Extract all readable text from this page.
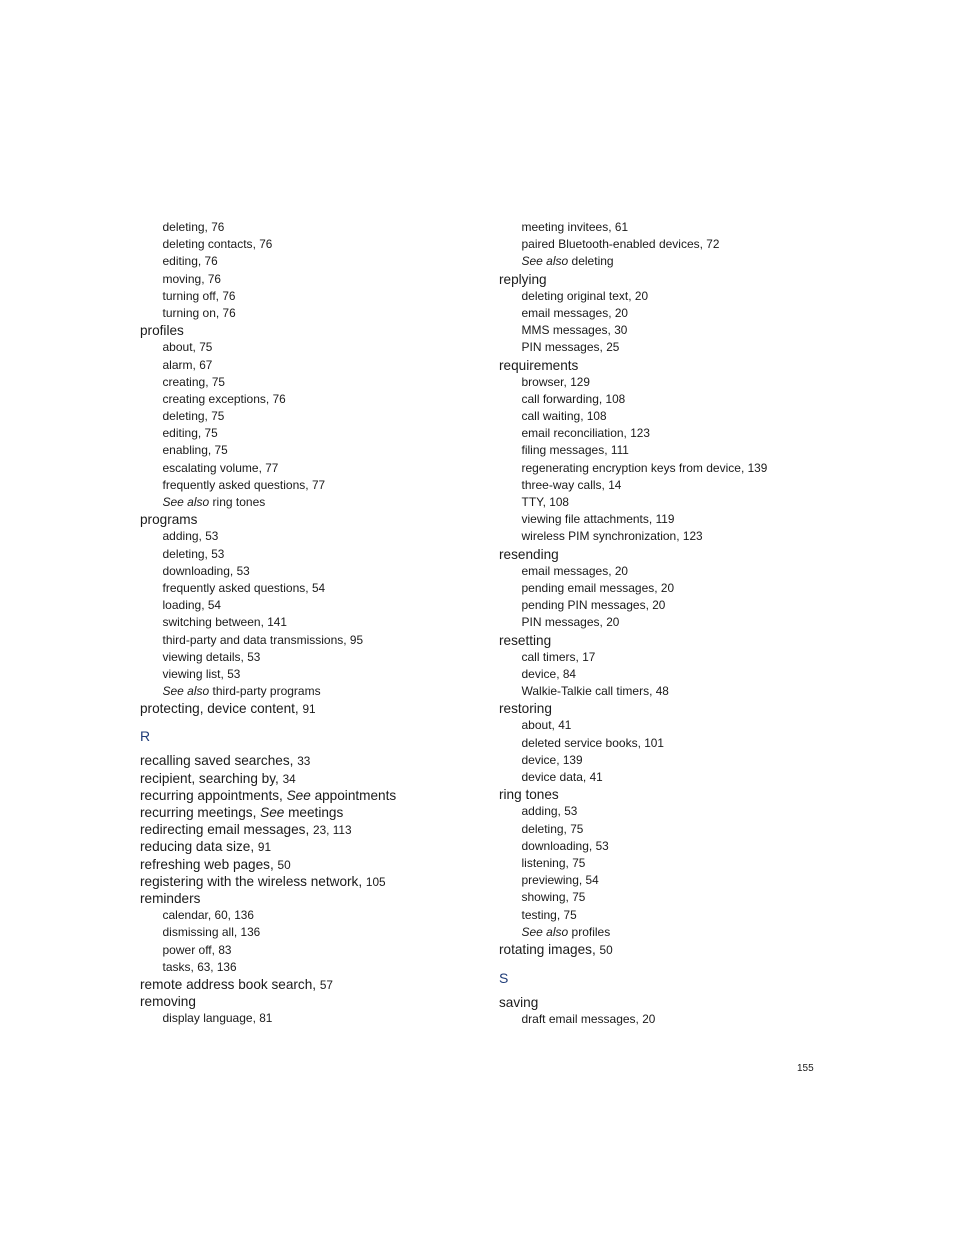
deleting, 76
deleting contacts, 76
editing, 76
moving, 76
turning off, 76
turning on, 76
profiles
about, 75
alarm, 67
creating, 75
creating exceptions, 76
deleting, 75
editing, 75
enabling, 75
escalating volume, 77
frequently asked questions, 77
See also ring tones
programs
adding, 53
deleting, 53
downloading, 53
frequently asked questions, 54
loading, 54
switching between, 141
third-party and data transmissions, 95
viewing details, 53
viewing list, 53
See also third-party programs
protecting, device content, 91
R
recalling saved searches, 33
recipient, searching by, 34
recurring appointments, See appointments
recurring meetings, See meetings
redirecting email messages, 23, 113
reducing data size, 91
refreshing web pages, 50
registering with the wireless network, 105
reminders
calendar, 60, 136
dismissing all, 136
power off, 83
tasks, 63, 136
remote address book search, 57
removing
display language, 81
meeting invitees, 61
paired Bluetooth-enabled devices, 72
See also deleting
replying
deleting original text, 20
email messages, 20
MMS messages, 30
PIN messages, 25
requirements
browser, 129
call forwarding, 108
call waiting, 108
email reconciliation, 123
filing messages, 111
regenerating encryption keys from device, 139
three-way calls, 14
TTY, 108
viewing file attachments, 119
wireless PIM synchronization, 123
resending
email messages, 20
pending email messages, 20
pending PIN messages, 20
PIN messages, 20
resetting
call timers, 17
device, 84
Walkie-Talkie call timers, 48
restoring
about, 41
deleted service books, 101
device, 139
device data, 41
ring tones
adding, 53
deleting, 75
downloading, 53
listening, 75
previewing, 54
showing, 75
testing, 75
See also profiles
rotating images, 50
S
saving
draft email messages, 20
155
